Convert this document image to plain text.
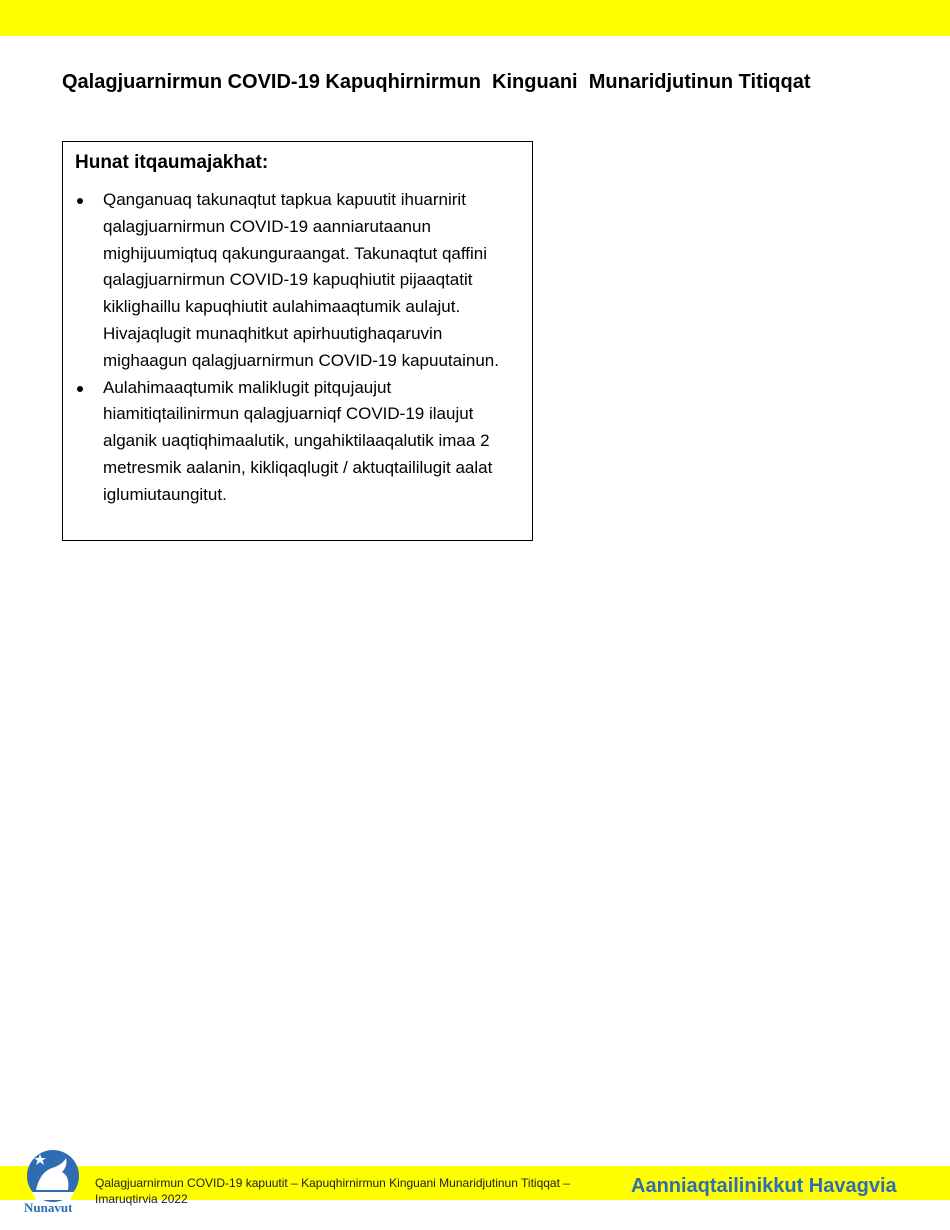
Qalagjuarnirmun COVID-19 Kapuqhirnirmun  Kinguani  Munaridjutinun Titiqqat
Hunat itqaumajakhat:
Qanganuaq takunaqtut tapkua kapuutit ihuarnirit qalagjuarnirmun COVID-19 aanniarutaanun mighijuumiqtuq qakunguraangat. Takunaqtut qaffini qalagjuarnirmun COVID-19 kapuqhiutit pijaaqtatit kiklighaillu kapuqhiutit aulahimaaqtumik aulajut. Hivajaqlugit munaqhitkut apirhuutighaqaruvin mighaagun qalagjuarnirmun COVID-19 kapuutainun.
Aulahimaaqtumik maliklugit pitqujaujut hiamitiqtailinirmun qalagjuarniqf COVID-19 ilaujut alganik uaqtiqhimaalutik, ungahiktilaaqalutik imaa 2 metresmik aalanin, kikliqaqlugit / aktuqtaililugit aalat iglumiutaungitut.
Nunavut
Qalagjuarnirmun COVID-19 kapuutit – Kapuqhirnirmun Kinguani Munaridjutinun Titiqqat – Imaruqtirvia 2022
Aanniaqtailinikkut Havagvia
